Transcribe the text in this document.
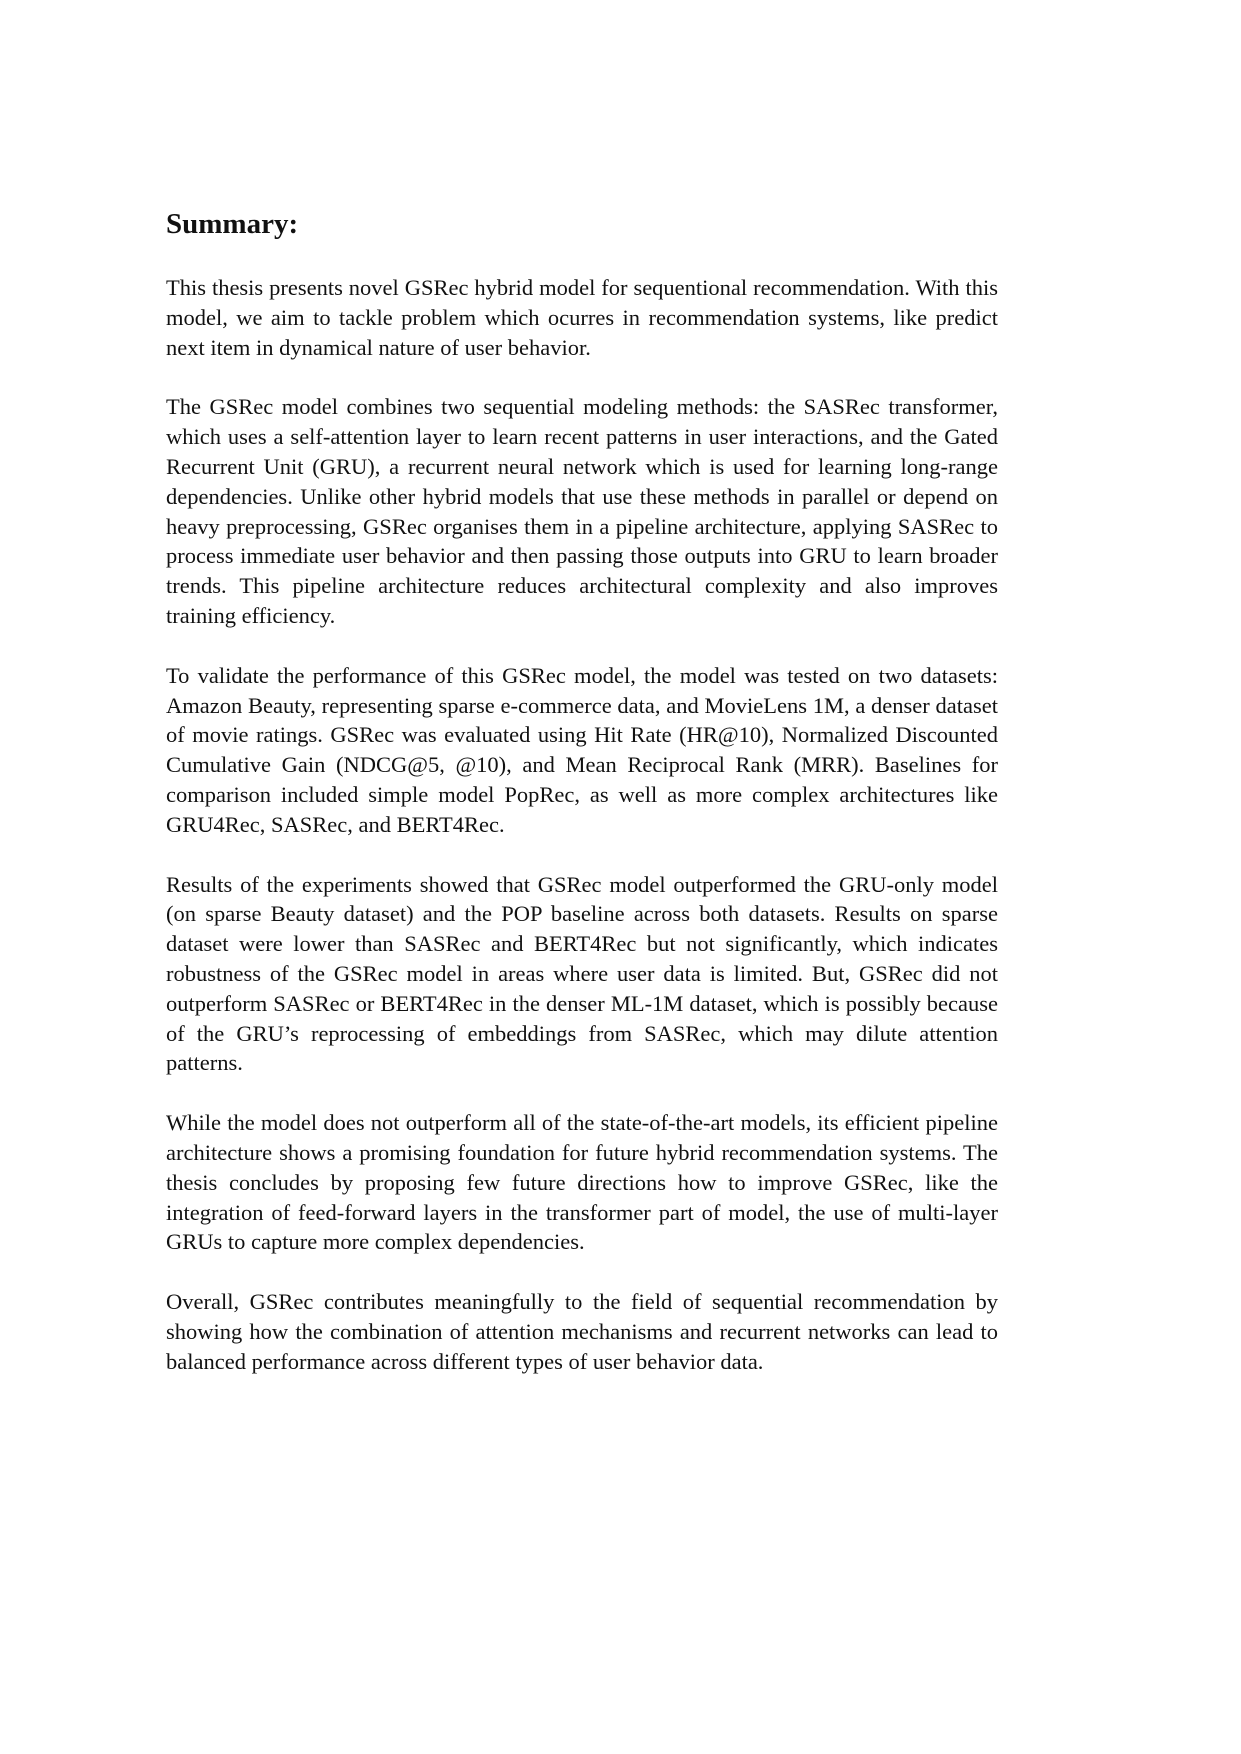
Summary:

This thesis presents novel GSRec hybrid model for sequentional recommendation. With this model, we aim to tackle problem which ocurres in recommendation systems, like predict next item in dynamical nature of user behavior.

The GSRec model combines two sequential modeling methods: the SASRec transformer, which uses a self-attention layer to learn recent patterns in user interactions, and the Gated Recurrent Unit (GRU), a recurrent neural network which is used for learning long-range dependencies. Unlike other hybrid models that use these methods in parallel or depend on heavy preprocessing, GSRec organises them in a pipeline architecture, applying SASRec to process immediate user behavior and then passing those outputs into GRU to learn broader trends. This pipeline architecture reduces architectural complexity and also improves training efficiency.

To validate the performance of this GSRec model, the model was tested on two datasets: Amazon Beauty, representing sparse e-commerce data, and MovieLens 1M, a denser dataset of movie ratings. GSRec was evaluated using Hit Rate (HR@10), Normalized Discounted Cumulative Gain (NDCG@5, @10), and Mean Reciprocal Rank (MRR). Baselines for comparison included simple model PopRec, as well as more complex architectures like GRU4Rec, SASRec, and BERT4Rec.

Results of the experiments showed that GSRec model outperformed the GRU-only model (on sparse Beauty dataset) and the POP baseline across both datasets. Results on sparse dataset were lower than SASRec and BERT4Rec but not significantly, which indicates robustness of the GSRec model in areas where user data is limited. But, GSRec did not outperform SASRec or BERT4Rec in the denser ML-1M dataset, which is possibly because of the GRU’s reprocessing of embeddings from SASRec, which may dilute attention patterns.

While the model does not outperform all of the state-of-the-art models, its efficient pipeline architecture shows a promising foundation for future hybrid recommendation systems. The thesis concludes by proposing few future directions how to improve GSRec, like the integration of feed-forward layers in the transformer part of model, the use of multi-layer GRUs to capture more complex dependencies.

Overall, GSRec contributes meaningfully to the field of sequential recommendation by showing how the combination of attention mechanisms and recurrent networks can lead to balanced performance across different types of user behavior data.
